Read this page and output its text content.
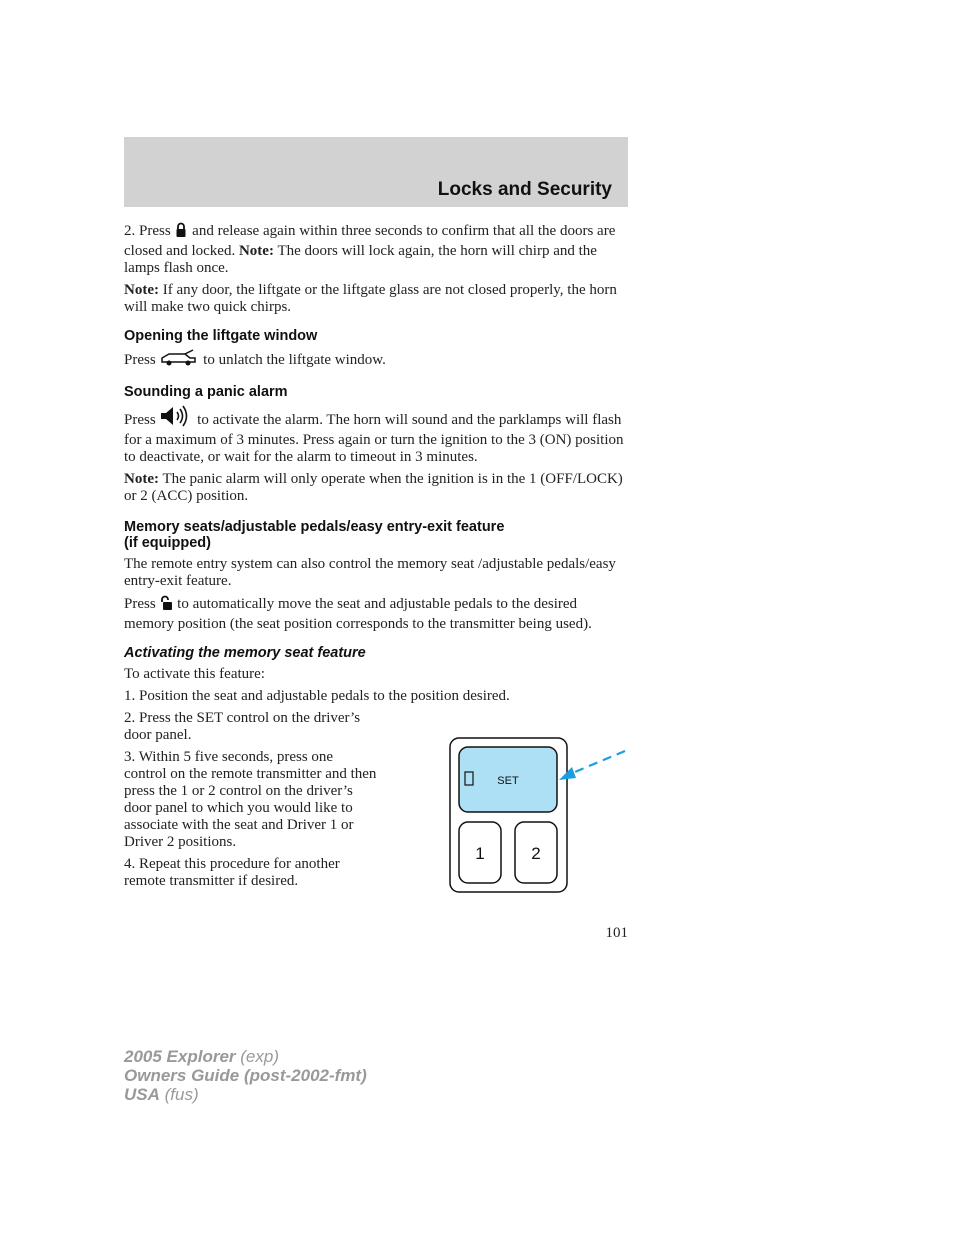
Locks and Security

2. Press and release again within three seconds to confirm that all the doors are closed and locked. Note: The doors will lock again, the horn will chirp and the lamps flash once.

Note: If any door, the liftgate or the liftgate glass are not closed properly, the horn will make two quick chirps.

Opening the liftgate window

Press	to unlatch the liftgate window.

Sounding a panic alarm

Press	to activate the alarm. The horn will sound and the parklamps will flash for a maximum of 3 minutes. Press again or turn the ignition to the 3 (ON) position to deactivate, or wait for the alarm to timeout in 3 minutes.

Note: The panic alarm will only operate when the ignition is in the 1 (OFF/LOCK) or 2 (ACC) position.

Memory seats/adjustable pedals/easy entry-exit feature
(if equipped)

The remote entry system can also control the memory seat /adjustable pedals/easy entry-exit feature.

Press to automatically move the seat and adjustable pedals to the desired memory position (the seat position corresponds to the transmitter being used).

Activating the memory seat feature

To activate this feature:

1. Position the seat and adjustable pedals to the position desired.

2. Press the SET control on the driver’s door panel.

3. Within 5 five seconds, press one control on the remote transmitter and then press the 1 or 2 control on the driver’s door panel to which you would like to associate with the seat and Driver 1 or Driver 2 positions.

4. Repeat this procedure for another remote transmitter if desired.

SET
1	2
101
2005 Explorer (exp)
Owners Guide (post-2002-fmt)
USA (fus)
